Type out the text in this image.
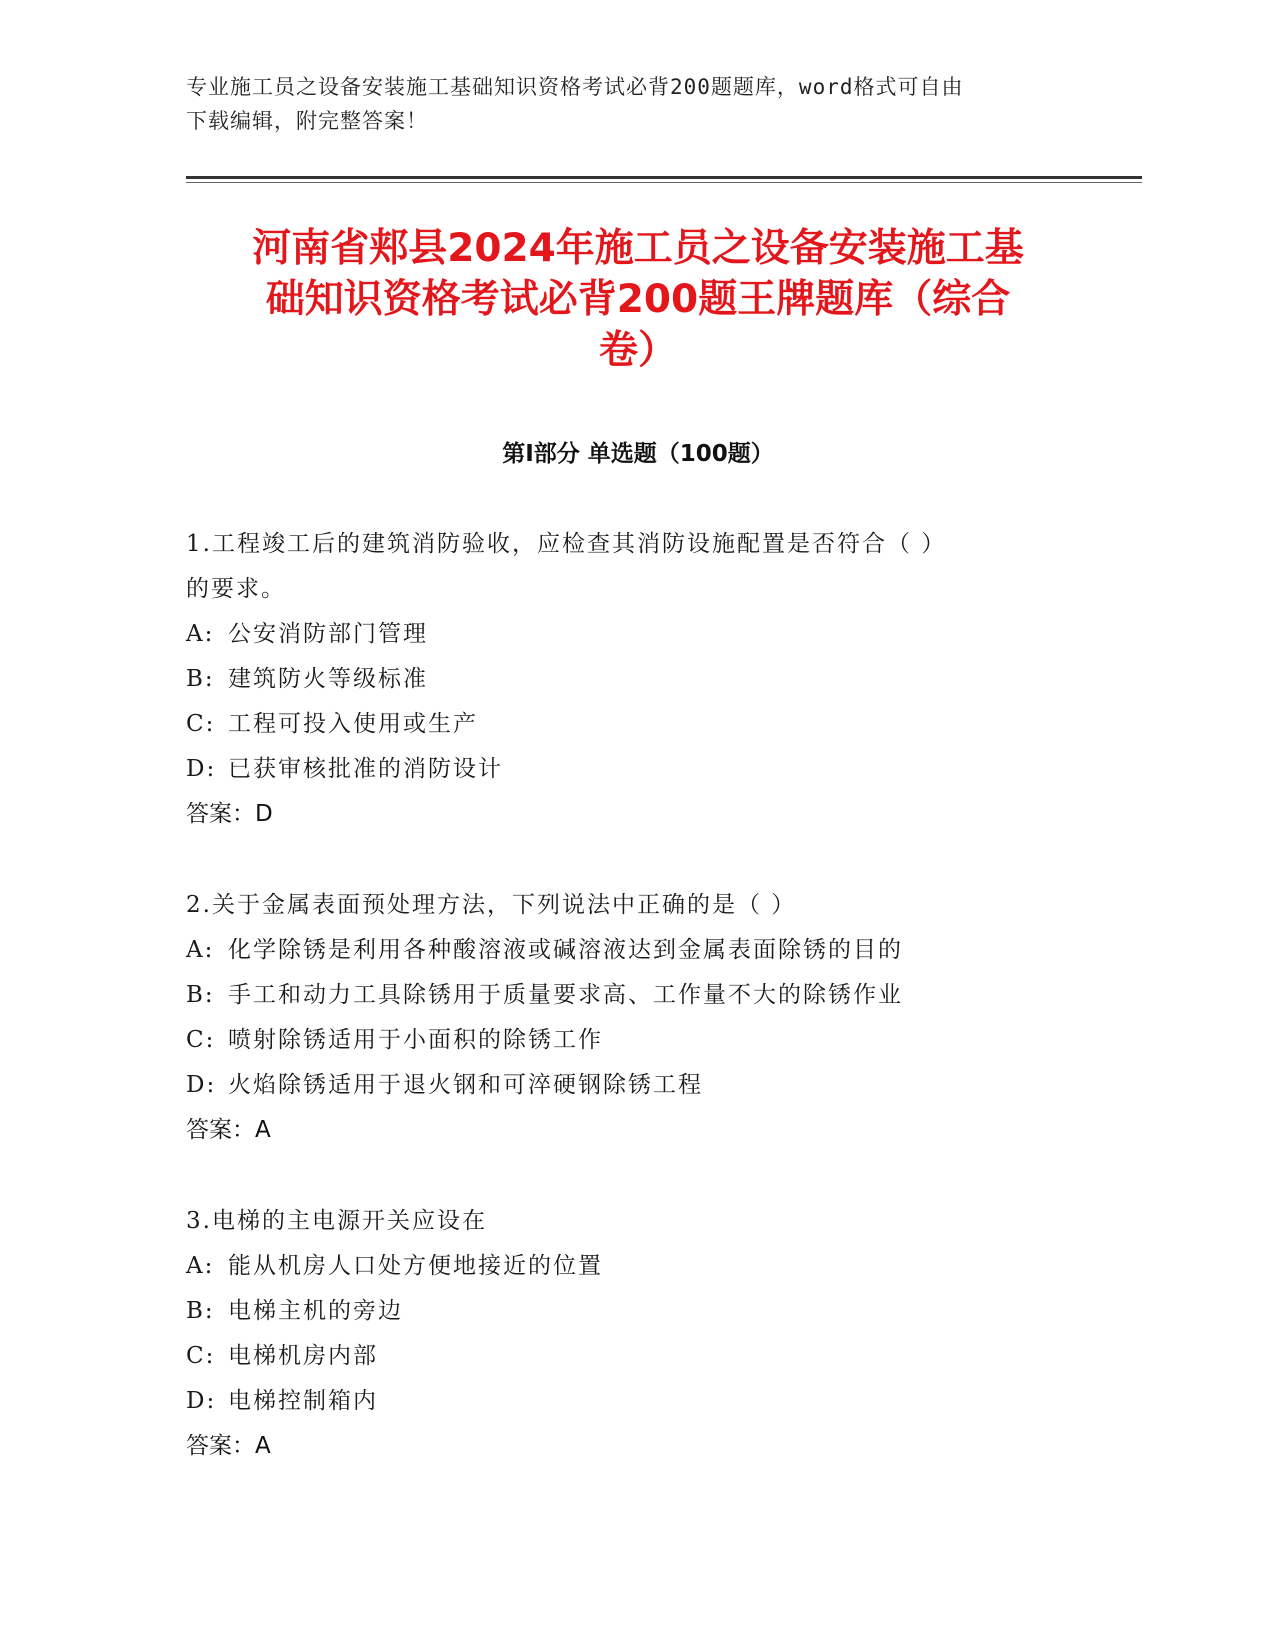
专业施工员之设备安装施工基础知识资格考试必背200题题库，word格式可自由
下载编辑，附完整答案！
河南省郏县2024年施工员之设备安装施工基
础知识资格考试必背200题王牌题库（综合
卷）
第I部分 单选题（100题）
1.工程竣工后的建筑消防验收，应检查其消防设施配置是否符合（ ）
的要求。
A: 公安消防部门管理
B: 建筑防火等级标准
C: 工程可投入使用或生产
D: 已获审核批准的消防设计
答案：D
2.关于金属表面预处理方法，下列说法中正确的是（ ）
A: 化学除锈是利用各种酸溶液或碱溶液达到金属表面除锈的目的
B: 手工和动力工具除锈用于质量要求高、工作量不大的除锈作业
C: 喷射除锈适用于小面积的除锈工作
D: 火焰除锈适用于退火钢和可淬硬钢除锈工程
答案：A
3.电梯的主电源开关应设在
A: 能从机房人口处方便地接近的位置
B: 电梯主机的旁边
C: 电梯机房内部
D: 电梯控制箱内
答案：A
